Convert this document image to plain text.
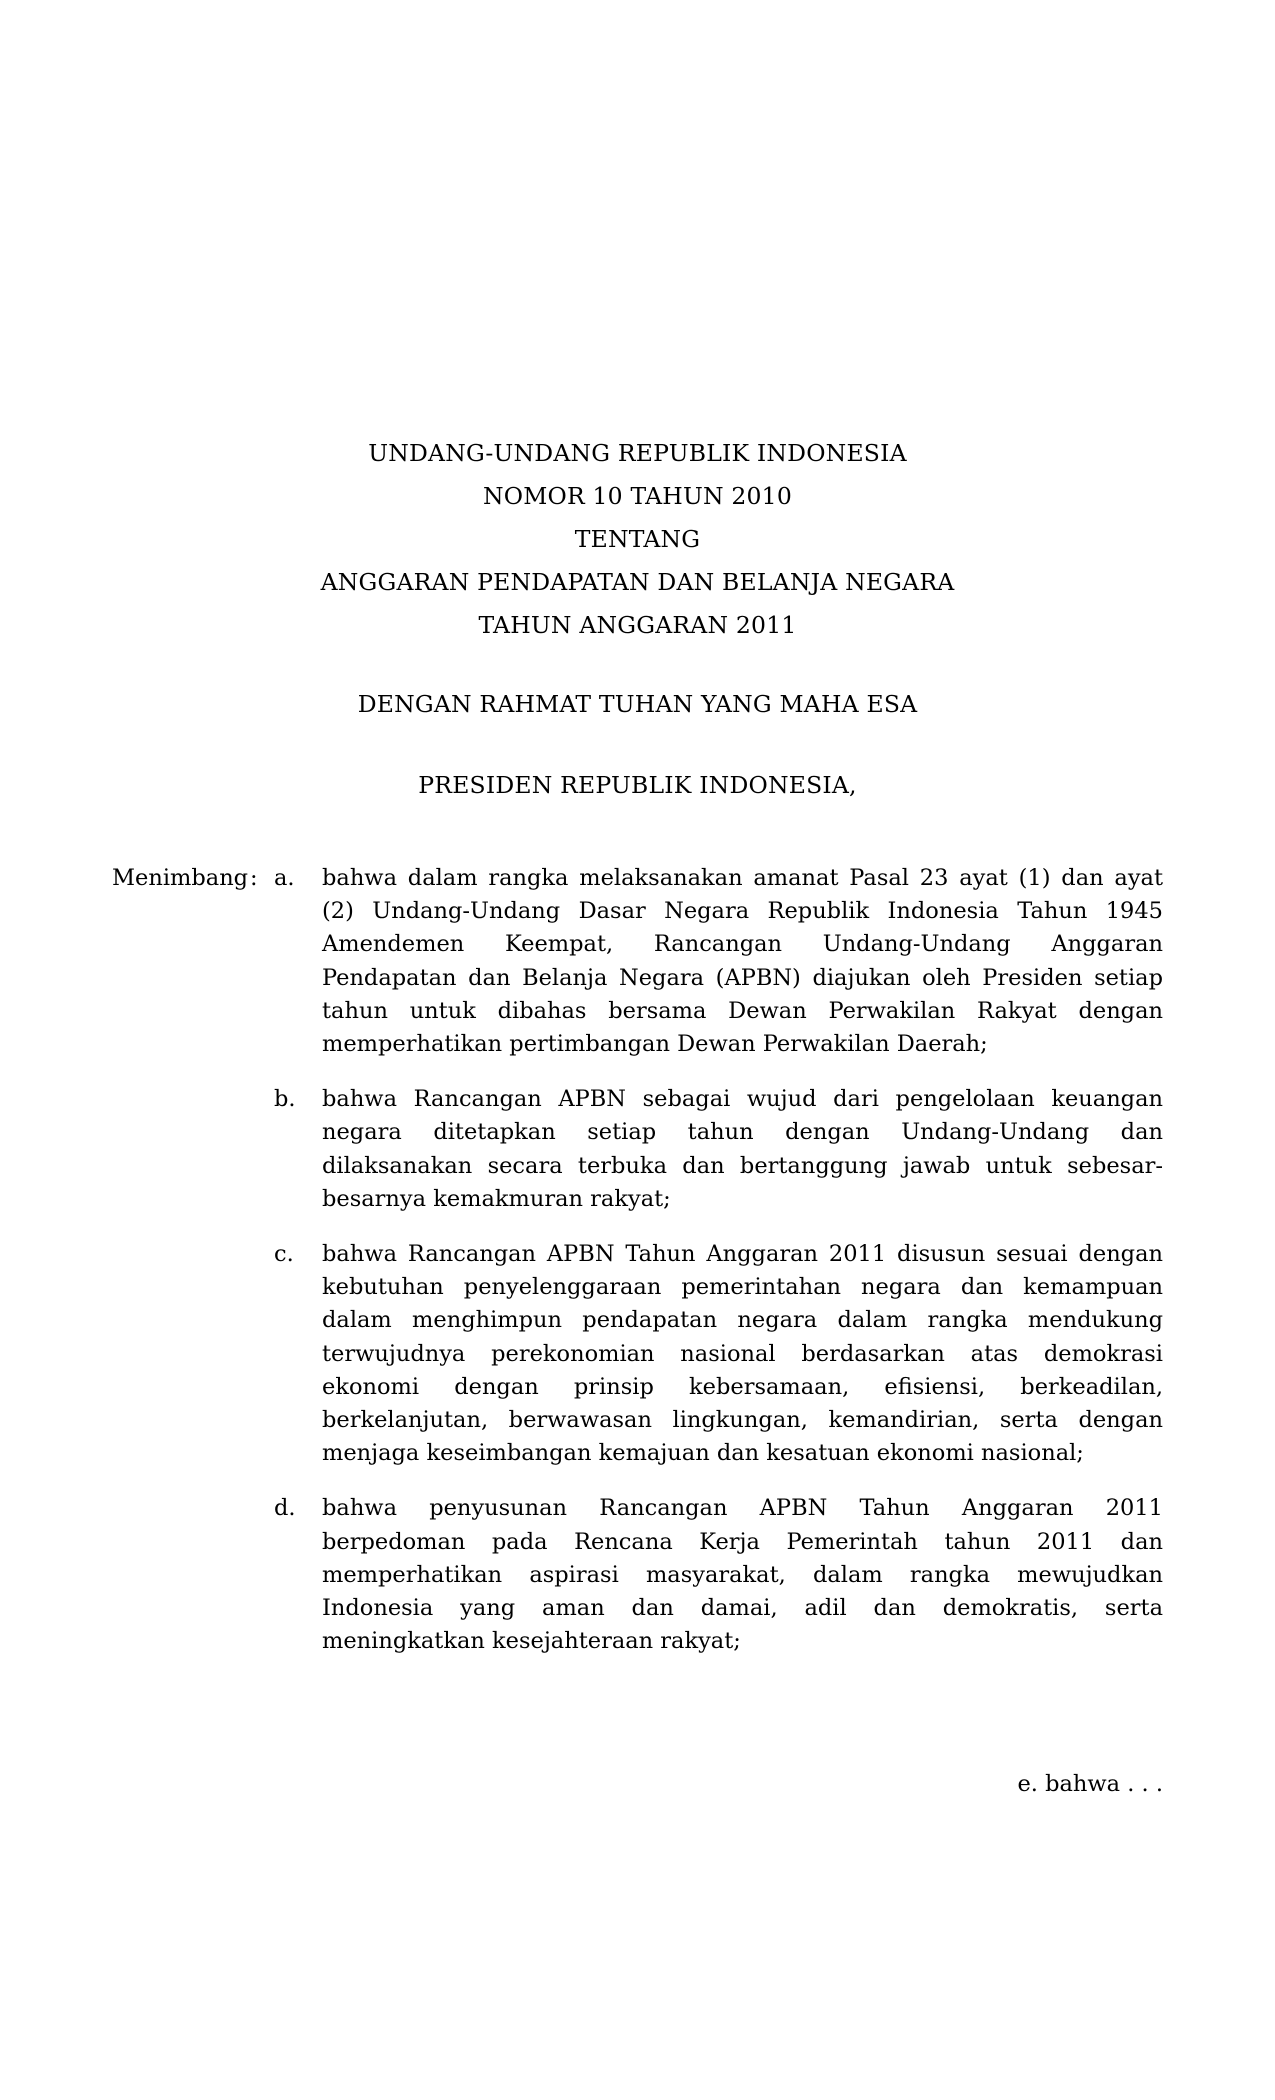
UNDANG-UNDANG REPUBLIK INDONESIA
NOMOR 10 TAHUN 2010
TENTANG
ANGGARAN PENDAPATAN DAN BELANJA NEGARA
TAHUN ANGGARAN 2011
DENGAN RAHMAT TUHAN YANG MAHA ESA
PRESIDEN REPUBLIK INDONESIA,
Menimbang : a.	bahwa dalam rangka melaksanakan amanat Pasal 23 ayat (1) dan ayat (2) Undang-Undang Dasar Negara Republik Indonesia Tahun 1945 Amendemen Keempat, Rancangan Undang-Undang Anggaran Pendapatan dan Belanja Negara (APBN) diajukan oleh Presiden setiap tahun untuk dibahas bersama Dewan Perwakilan Rakyat dengan memperhatikan pertimbangan Dewan Perwakilan Daerah;
b.	bahwa Rancangan APBN sebagai wujud dari pengelolaan keuangan negara ditetapkan setiap tahun dengan Undang-Undang dan dilaksanakan secara terbuka dan bertanggung jawab untuk sebesar-besarnya kemakmuran rakyat;
c.	bahwa Rancangan APBN Tahun Anggaran 2011 disusun sesuai dengan kebutuhan penyelenggaraan pemerintahan negara dan kemampuan dalam menghimpun pendapatan negara dalam rangka mendukung terwujudnya perekonomian nasional berdasarkan atas demokrasi ekonomi dengan prinsip kebersamaan, efisiensi, berkeadilan, berkelanjutan, berwawasan lingkungan, kemandirian, serta dengan menjaga keseimbangan kemajuan dan kesatuan ekonomi nasional;
d.	bahwa penyusunan Rancangan APBN Tahun Anggaran 2011 berpedoman pada Rencana Kerja Pemerintah tahun 2011 dan memperhatikan aspirasi masyarakat, dalam rangka mewujudkan Indonesia yang aman dan damai, adil dan demokratis, serta meningkatkan kesejahteraan rakyat;
e. bahwa . . .
